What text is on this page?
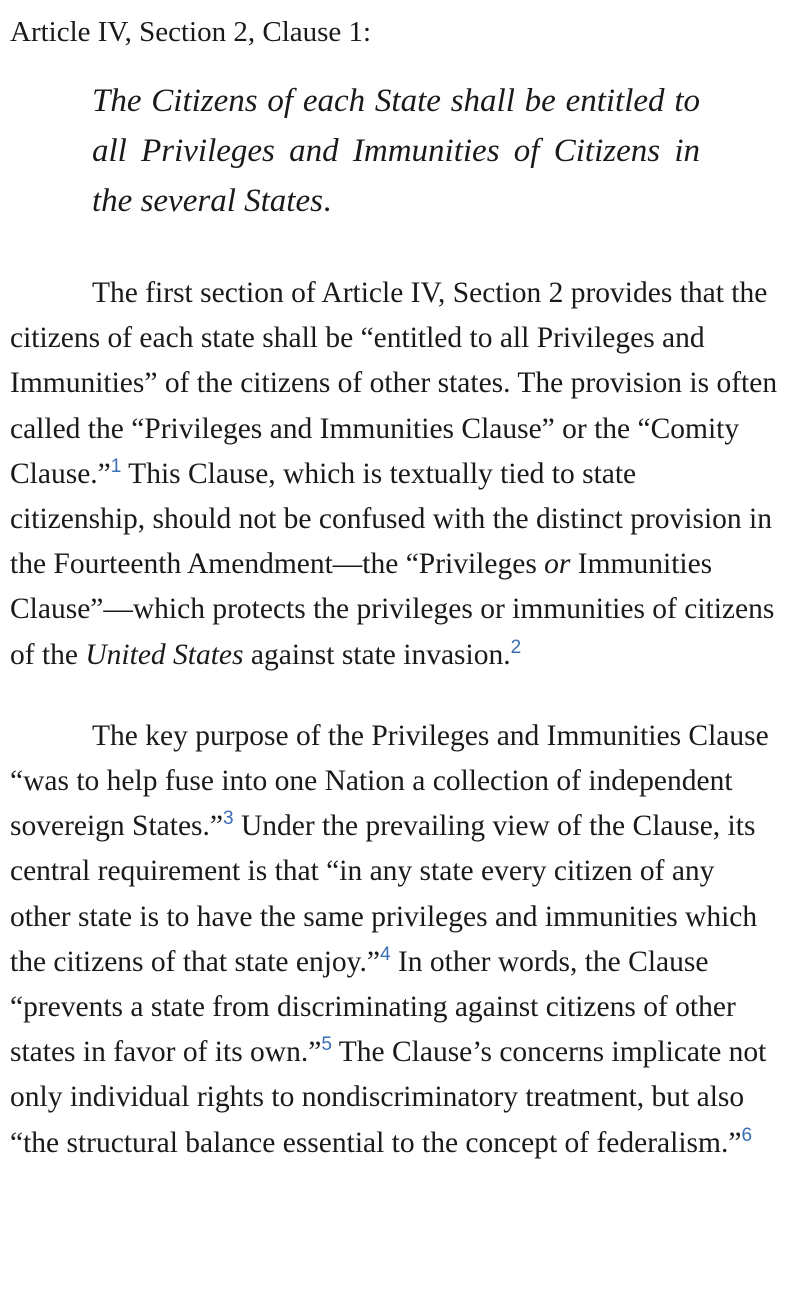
Article IV, Section 2, Clause 1:

The Citizens of each State shall be entitled to all Privileges and Immunities of Citizens in the several States.

The first section of Article IV, Section 2 provides that the citizens of each state shall be “entitled to all Privileges and Immunities” of the citizens of other states. The provision is often called the “Privileges and Immunities Clause” or the “Comity Clause.”$^1$ This Clause, which is textually tied to state citizenship, should not be confused with the distinct provision in the Fourteenth Amendment—the “Privileges or Immunities Clause”—which protects the privileges or immunities of citizens of the United States against state invasion.$^2$

The key purpose of the Privileges and Immunities Clause “was to help fuse into one Nation a collection of independent sovereign States.”$^3$ Under the prevailing view of the Clause, its central requirement is that “in any state every citizen of any other state is to have the same privileges and immunities which the citizens of that state enjoy.”$^4$ In other words, the Clause “prevents a state from discriminating against citizens of other states in favor of its own.”$^5$ The Clause’s concerns implicate not only individual rights to nondiscriminatory treatment, but also “the structural balance essential to the concept of federalism.”$^6$
